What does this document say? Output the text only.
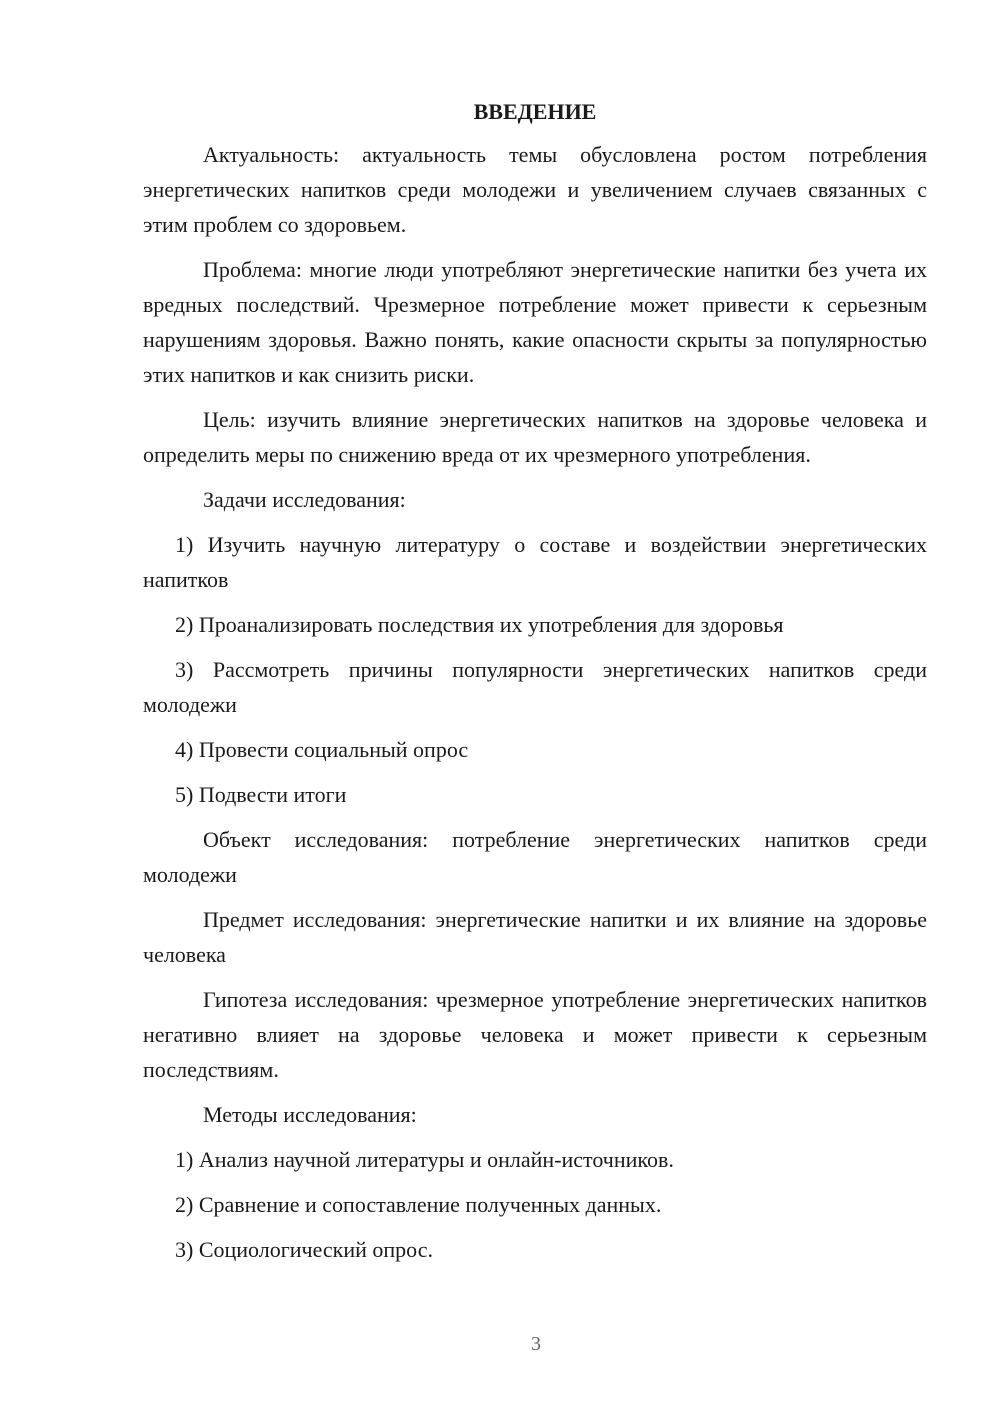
ВВЕДЕНИЕ

Актуальность: актуальность темы обусловлена ростом потребления энергетических напитков среди молодежи и увеличением случаев связанных с этим проблем со здоровьем.

Проблема: многие люди употребляют энергетические напитки без учета их вредных последствий. Чрезмерное потребление может привести к серьезным нарушениям здоровья. Важно понять, какие опасности скрыты за популярностью этих напитков и как снизить риски.

Цель: изучить влияние энергетических напитков на здоровье человека и определить меры по снижению вреда от их чрезмерного употребления.

Задачи исследования:

1) Изучить научную литературу о составе и воздействии энергетических напитков

2) Проанализировать последствия их употребления для здоровья

3) Рассмотреть причины популярности энергетических напитков среди молодежи

4) Провести социальный опрос

5) Подвести итоги

Объект исследования: потребление энергетических напитков среди молодежи

Предмет исследования: энергетические напитки и их влияние на здоровье человека

Гипотеза исследования: чрезмерное употребление энергетических напитков негативно влияет на здоровье человека и может привести к серьезным последствиям.

Методы исследования:

1) Анализ научной литературы и онлайн-источников.

2) Сравнение и сопоставление полученных данных.

3) Социологический опрос.

3
